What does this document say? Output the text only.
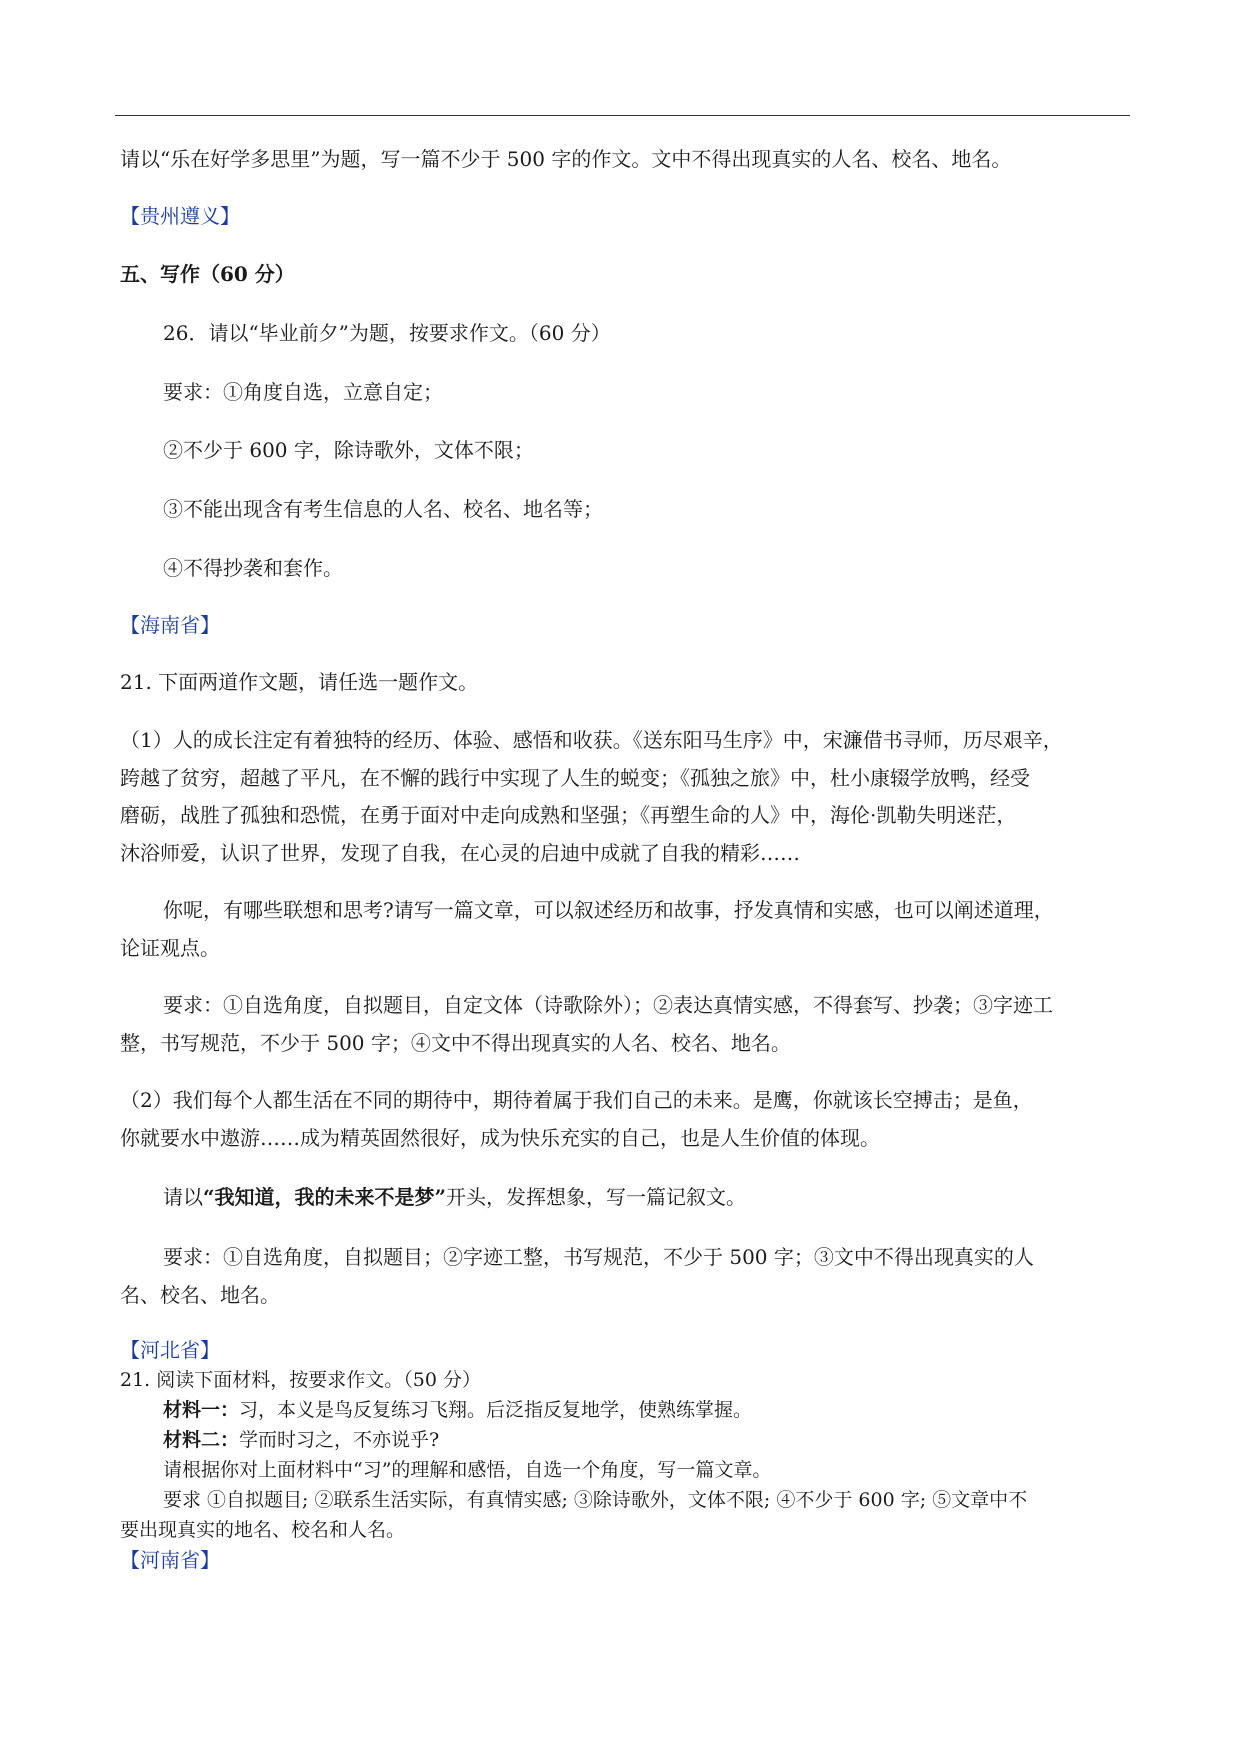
请以“乐在好学多思里”为题，写一篇不少于 500 字的作文。文中不得出现真实的人名、校名、地名。
【贵州遵义】
五、写作（60 分）
26．请以“毕业前夕”为题，按要求作文。（60 分）
要求：①角度自选，立意自定；
②不少于 600 字，除诗歌外，文体不限；
③不能出现含有考生信息的人名、校名、地名等；
④不得抄袭和套作。
【海南省】
21. 下面两道作文题，请任选一题作文。
（1）人的成长注定有着独特的经历、体验、感悟和收获。《送东阳马生序》中，宋濂借书寻师，历尽艰辛，
跨越了贫穷，超越了平凡，在不懈的践行中实现了人生的蜕变；《孤独之旅》中，杜小康辍学放鸭，经受
磨砺，战胜了孤独和恐慌，在勇于面对中走向成熟和坚强；《再塑生命的人》中，海伦·凯勒失明迷茫，
沐浴师爱，认识了世界，发现了自我，在心灵的启迪中成就了自我的精彩……
你呢，有哪些联想和思考?请写一篇文章，可以叙述经历和故事，抒发真情和实感，也可以阐述道理，
论证观点。
要求：①自选角度，自拟题目，自定文体（诗歌除外）；②表达真情实感，不得套写、抄袭；③字迹工
整，书写规范，不少于 500 字；④文中不得出现真实的人名、校名、地名。
（2）我们每个人都生活在不同的期待中，期待着属于我们自己的未来。是鹰，你就该长空搏击；是鱼，
你就要水中遨游……成为精英固然很好，成为快乐充实的自己，也是人生价值的体现。
请以“我知道，我的未来不是梦”开头，发挥想象，写一篇记叙文。
要求：①自选角度，自拟题目；②字迹工整，书写规范，不少于 500 字；③文中不得出现真实的人
名、校名、地名。
【河北省】
21. 阅读下面材料，按要求作文。（50 分）
材料一：习，本义是鸟反复练习飞翔。后泛指反复地学，使熟练掌握。
材料二：学而时习之，不亦说乎?
请根据你对上面材料中“习”的理解和感悟，自选一个角度，写一篇文章。
要求 ①自拟题目; ②联系生活实际，有真情实感; ③除诗歌外，文体不限; ④不少于 600 字; ⑤文章中不
要出现真实的地名、校名和人名。
【河南省】
